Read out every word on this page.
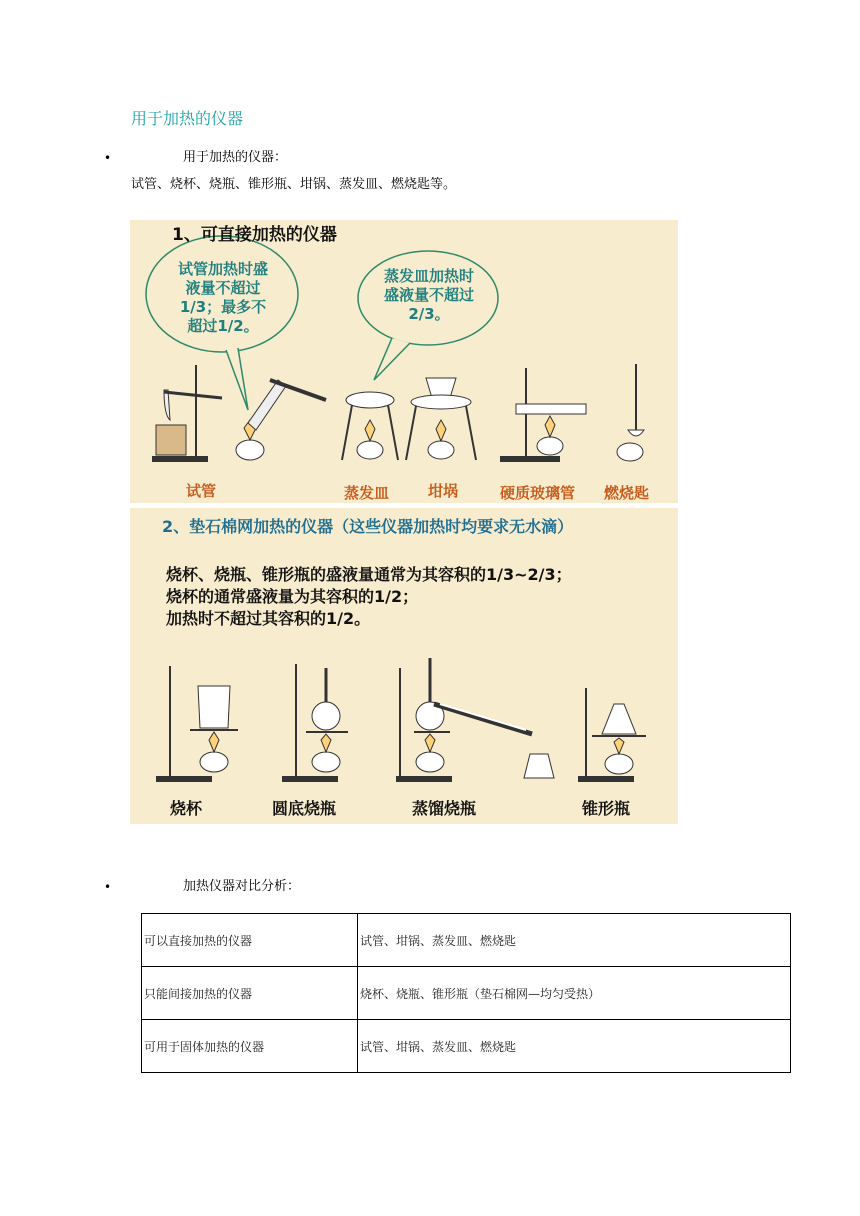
用于加热的仪器
•	用于加热的仪器：
试管、烧杯、烧瓶、锥形瓶、坩锅、蒸发皿、燃烧匙等。
1、可直接加热的仪器
试管加热时盛
液量不超过
1/3；最多不
超过1/2。
蒸发皿加热时
盛液量不超过
2/3。
试管	蒸发皿	坩埚	硬质玻璃管 燃烧匙
2、垫石棉网加热的仪器（这些仪器加热时均要求无水滴）
烧杯、烧瓶、锥形瓶的盛液量通常为其容积的1/3~2/3；
烧杯的通常盛液量为其容积的1/2；
加热时不超过其容积的1/2。
烧杯	圆底烧瓶	蒸馏烧瓶	锥形瓶
•	加热仪器对比分析：
可以直接加热的仪器	试管、坩锅、蒸发皿、燃烧匙
只能间接加热的仪器	烧杯、烧瓶、锥形瓶（垫石棉网—均匀受热）
可用于固体加热的仪器	试管、坩锅、蒸发皿、燃烧匙
